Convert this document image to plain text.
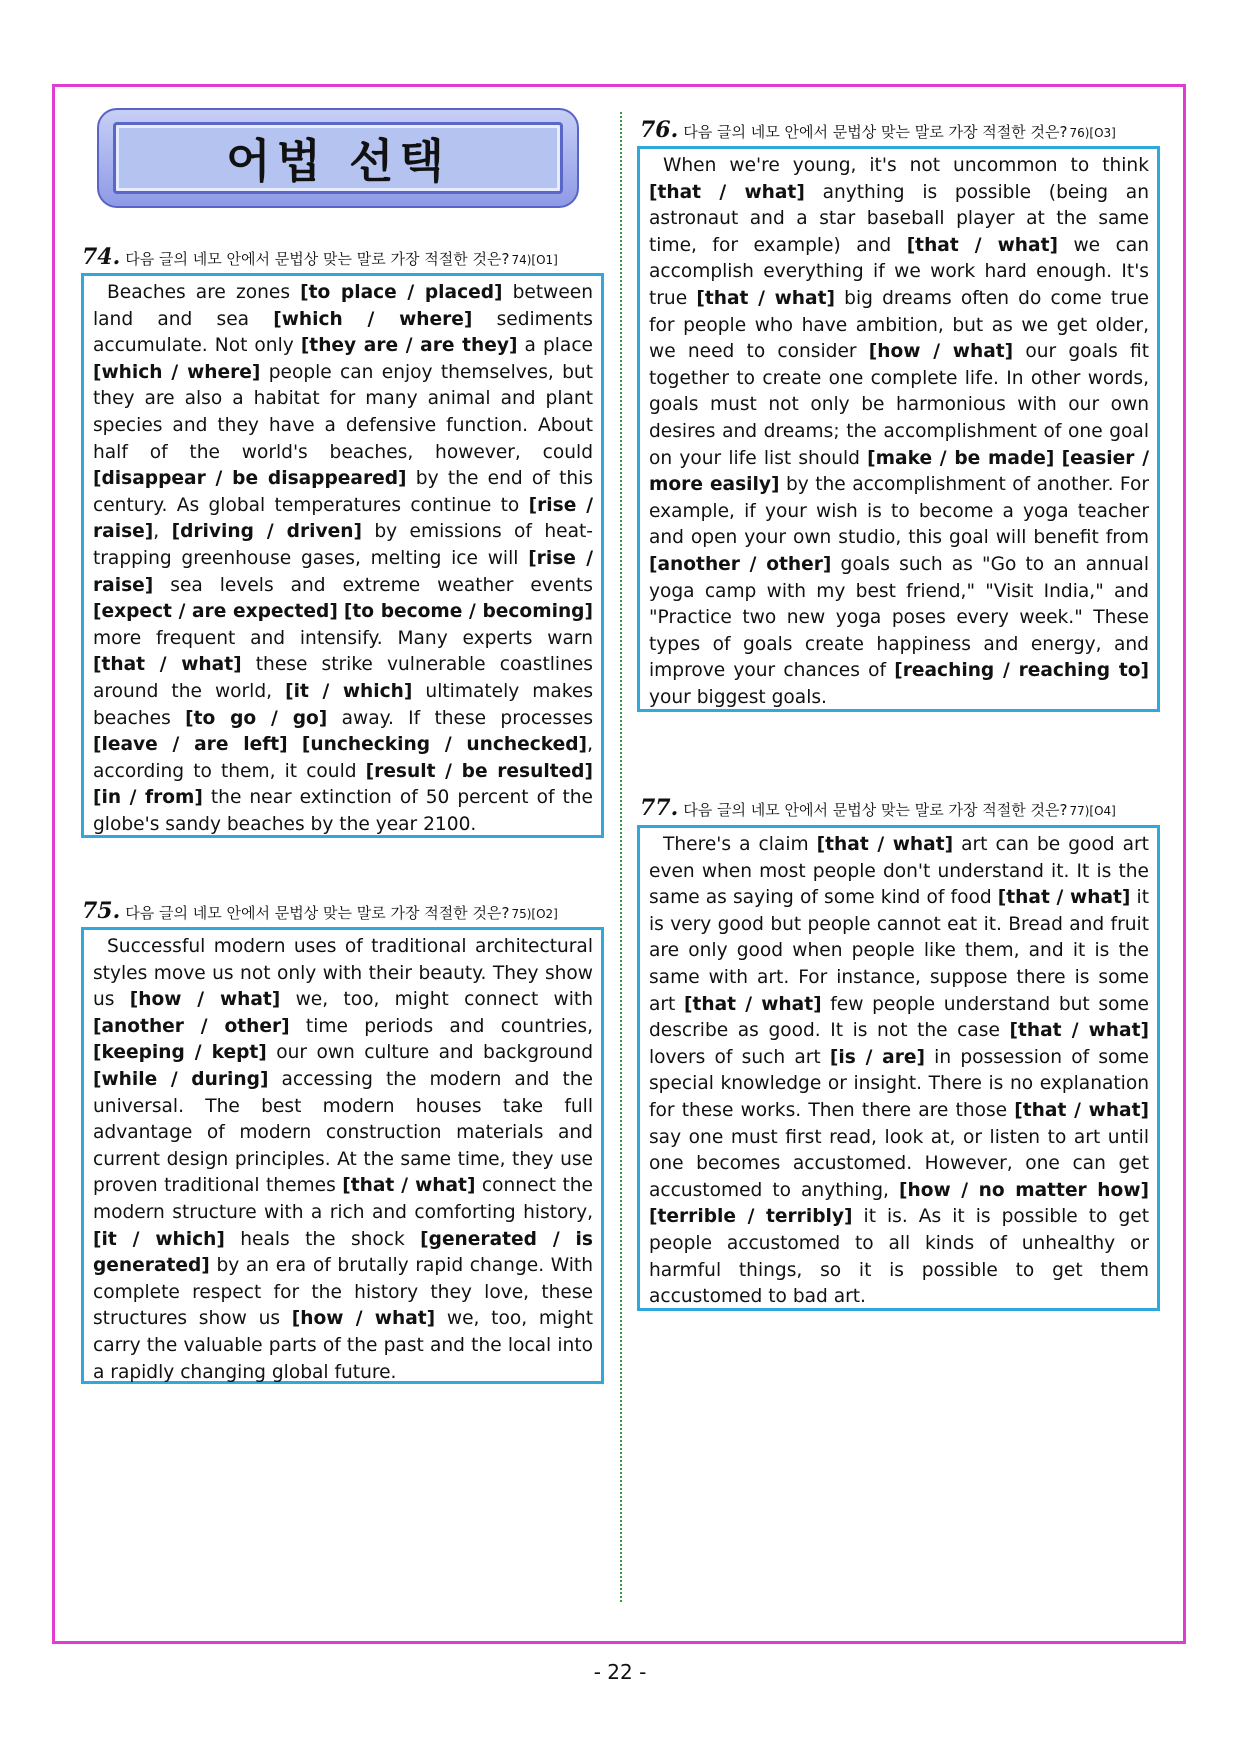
어법 선택
74. 다음 글의 네모 안에서 문법상 맞는 말로 가장 적절한 것은? 74)[O1]

Beaches are zones [to place / placed] between land and sea [which / where] sediments accumulate. Not only [they are / are they] a place [which / where] people can enjoy themselves, but they are also a habitat for many animal and plant species and they have a defensive function. About half of the world's beaches, however, could [disappear / be disappeared] by the end of this century. As global temperatures continue to [rise / raise], [driving / driven] by emissions of heat-trapping greenhouse gases, melting ice will [rise / raise] sea levels and extreme weather events [expect / are expected] [to become / becoming] more frequent and intensify. Many experts warn [that / what] these strike vulnerable coastlines around the world, [it / which] ultimately makes beaches [to go / go] away. If these processes [leave / are left] [unchecking / unchecked], according to them, it could [result / be resulted] [in / from] the near extinction of 50 percent of the globe's sandy beaches by the year 2100.

75. 다음 글의 네모 안에서 문법상 맞는 말로 가장 적절한 것은? 75)[O2]

Successful modern uses of traditional architectural styles move us not only with their beauty. They show us [how / what] we, too, might connect with [another / other] time periods and countries, [keeping / kept] our own culture and background [while / during] accessing the modern and the universal. The best modern houses take full advantage of modern construction materials and current design principles. At the same time, they use proven traditional themes [that / what] connect the modern structure with a rich and comforting history, [it / which] heals the shock [generated / is generated] by an era of brutally rapid change. With complete respect for the history they love, these structures show us [how / what] we, too, might carry the valuable parts of the past and the local into a rapidly changing global future.

76. 다음 글의 네모 안에서 문법상 맞는 말로 가장 적절한 것은? 76)[O3]

When we're young, it's not uncommon to think [that / what] anything is possible (being an astronaut and a star baseball player at the same time, for example) and [that / what] we can accomplish everything if we work hard enough. It's true [that / what] big dreams often do come true for people who have ambition, but as we get older, we need to consider [how / what] our goals fit together to create one complete life. In other words, goals must not only be harmonious with our own desires and dreams; the accomplishment of one goal on your life list should [make / be made] [easier / more easily] by the accomplishment of another. For example, if your wish is to become a yoga teacher and open your own studio, this goal will benefit from [another / other] goals such as "Go to an annual yoga camp with my best friend," "Visit India," and "Practice two new yoga poses every week." These types of goals create happiness and energy, and improve your chances of [reaching / reaching to] your biggest goals.

77. 다음 글의 네모 안에서 문법상 맞는 말로 가장 적절한 것은? 77)[O4]

There's a claim [that / what] art can be good art even when most people don't understand it. It is the same as saying of some kind of food [that / what] it is very good but people cannot eat it. Bread and fruit are only good when people like them, and it is the same with art. For instance, suppose there is some art [that / what] few people understand but some describe as good. It is not the case [that / what] lovers of such art [is / are] in possession of some special knowledge or insight. There is no explanation for these works. Then there are those [that / what] say one must first read, look at, or listen to art until one becomes accustomed. However, one can get accustomed to anything, [how / no matter how] [terrible / terribly] it is. As it is possible to get people accustomed to all kinds of unhealthy or harmful things, so it is possible to get them accustomed to bad art.

- 22 -
